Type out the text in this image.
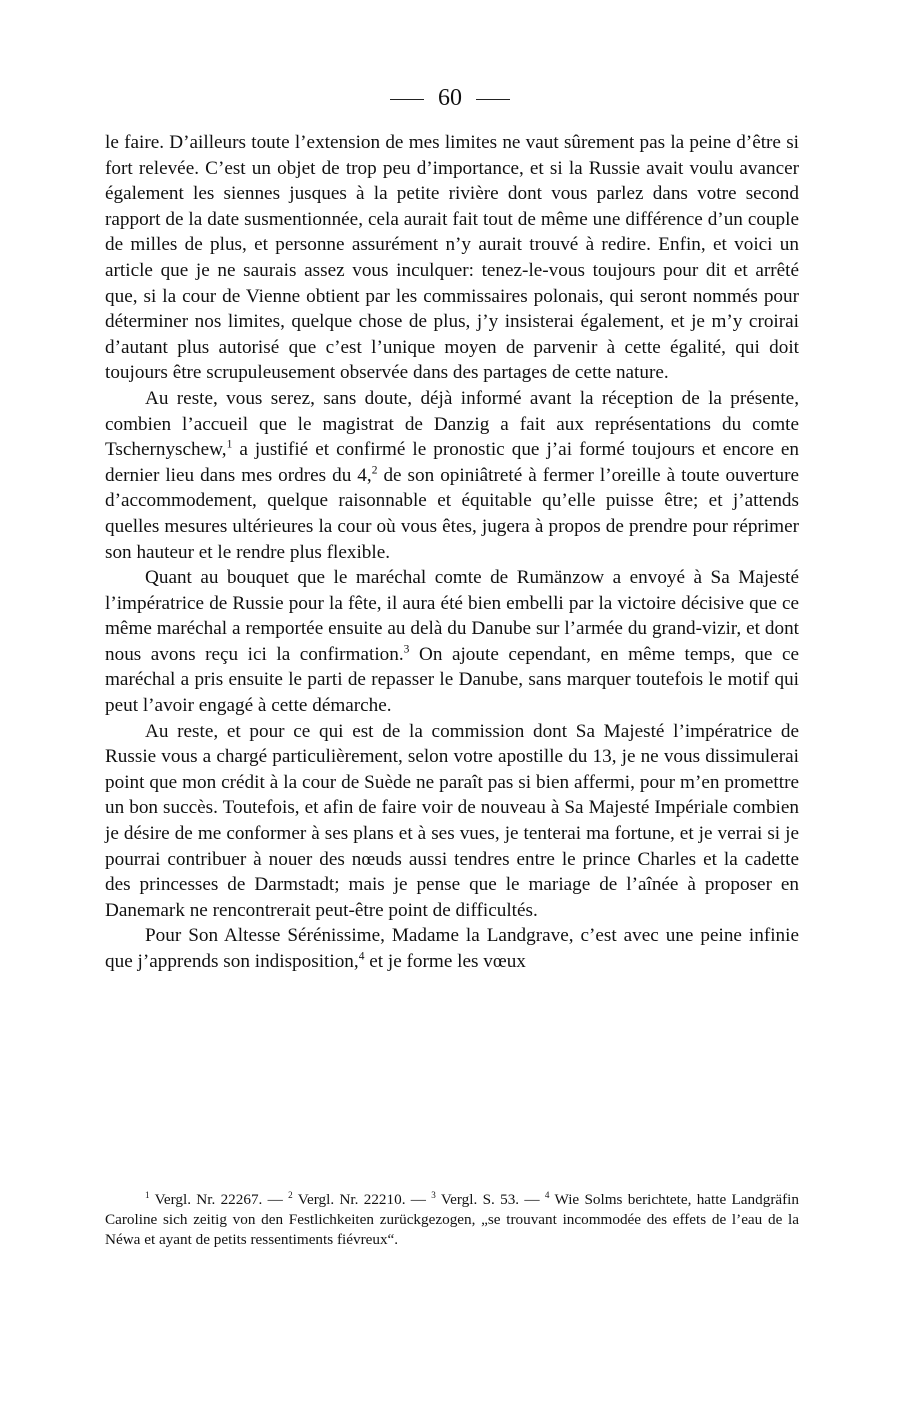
60

le faire. D’ailleurs toute l’extension de mes limites ne vaut sûrement pas la peine d’être si fort relevée. C’est un objet de trop peu d’importance, et si la Russie avait voulu avancer également les siennes jusques à la petite rivière dont vous parlez dans votre second rapport de la date susmentionnée, cela aurait fait tout de même une différence d’un couple de milles de plus, et personne assurément n’y aurait trouvé à redire. Enfin, et voici un article que je ne saurais assez vous inculquer: tenez-le-vous toujours pour dit et arrêté que, si la cour de Vienne obtient par les commissaires polonais, qui seront nommés pour déterminer nos limites, quelque chose de plus, j’y insisterai également, et je m’y croirai d’autant plus autorisé que c’est l’unique moyen de parvenir à cette égalité, qui doit toujours être scrupuleusement observée dans des partages de cette nature.

Au reste, vous serez, sans doute, déjà informé avant la réception de la présente, combien l’accueil que le magistrat de Danzig a fait aux représentations du comte Tschernyschew,$^1$ a justifié et confirmé le pronostic que j’ai formé toujours et encore en dernier lieu dans mes ordres du 4,$^2$ de son opiniâtreté à fermer l’oreille à toute ouverture d’accommodement, quelque raisonnable et équitable qu’elle puisse être; et j’attends quelles mesures ultérieures la cour où vous êtes, jugera à propos de prendre pour réprimer son hauteur et le rendre plus flexible.

Quant au bouquet que le maréchal comte de Rumänzow a envoyé à Sa Majesté l’impératrice de Russie pour la fête, il aura été bien embelli par la victoire décisive que ce même maréchal a remportée ensuite au delà du Danube sur l’armée du grand-vizir, et dont nous avons reçu ici la confirmation.$^3$ On ajoute cependant, en même temps, que ce maréchal a pris ensuite le parti de repasser le Danube, sans marquer toutefois le motif qui peut l’avoir engagé à cette démarche.

Au reste, et pour ce qui est de la commission dont Sa Majesté l’impératrice de Russie vous a chargé particulièrement, selon votre apostille du 13, je ne vous dissimulerai point que mon crédit à la cour de Suède ne paraît pas si bien affermi, pour m’en promettre un bon succès. Toutefois, et afin de faire voir de nouveau à Sa Majesté Impériale combien je désire de me conformer à ses plans et à ses vues, je tenterai ma fortune, et je verrai si je pourrai contribuer à nouer des nœuds aussi tendres entre le prince Charles et la cadette des princesses de Darmstadt; mais je pense que le mariage de l’aînée à proposer en Danemark ne rencontrerait peut-être point de difficultés.

Pour Son Altesse Sérénissime, Madame la Landgrave, c’est avec une peine infinie que j’apprends son indisposition,$^4$ et je forme les vœux

$^1$ Vergl. Nr. 22267. — $^2$ Vergl. Nr. 22210. — $^3$ Vergl. S. 53. — $^4$ Wie Solms berichtete, hatte Landgräfin Caroline sich zeitig von den Festlichkeiten zurückgezogen, „se trouvant incommodée des effets de l’eau de la Néwa et ayant de petits ressentiments fiévreux“.
